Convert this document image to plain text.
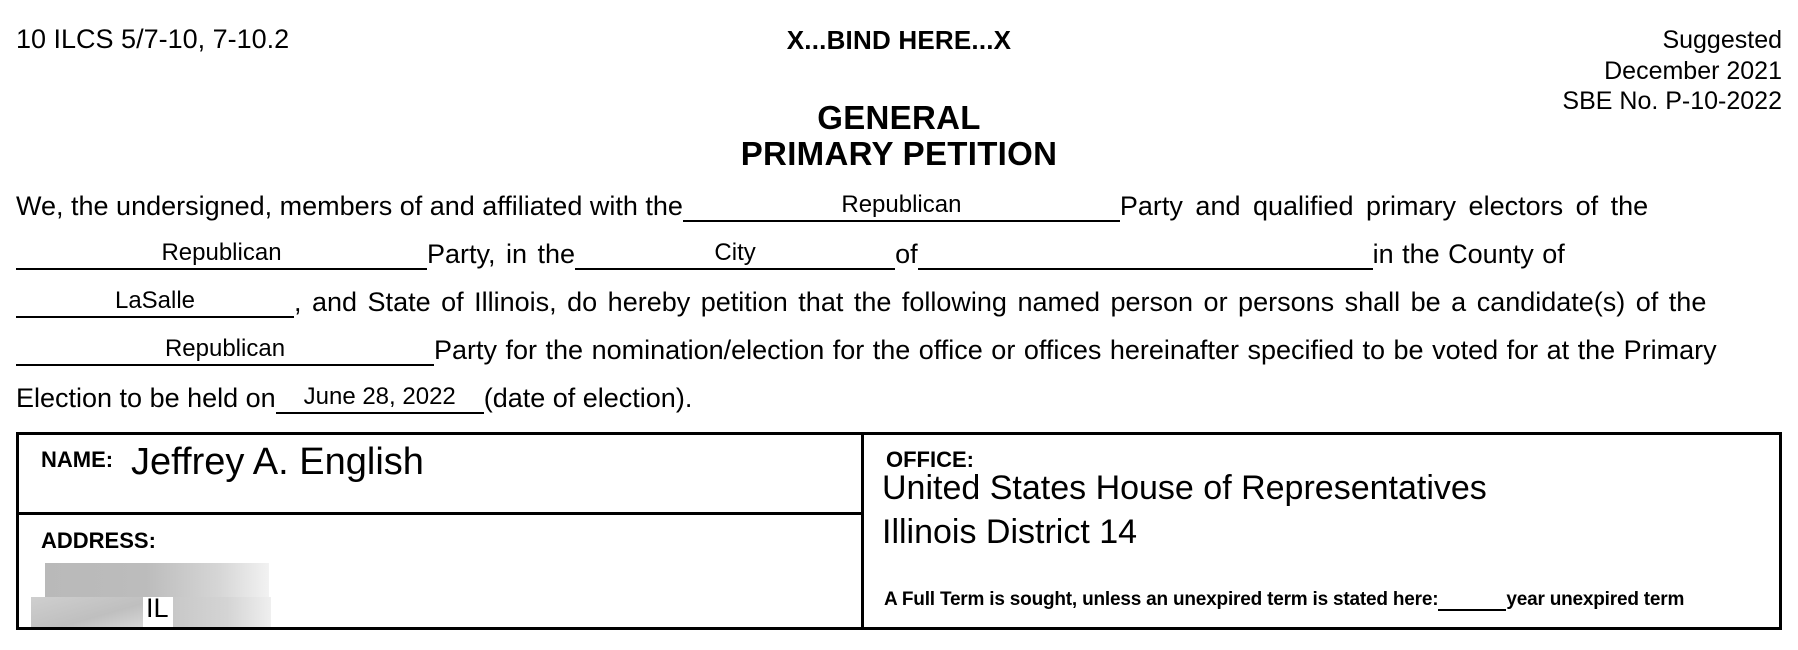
10 ILCS 5/7-10, 7-10.2	X...BIND HERE...X	Suggested
December 2021
SBE No. P-10-2022
GENERAL
PRIMARY PETITION
We, the undersigned, members of and affiliated with the	Republican	Party and qualified primary electors of the
Republican	Party, in the	City	of	in the County of
LaSalle	, and State of Illinois, do hereby petition that the following named person or persons shall be a candidate(s) of the
Republican	Party for the nomination/election for the office or offices hereinafter specified to be voted for at the Primary
Election to be held on	June 28, 2022	(date of election).
NAME: Jeffrey A. English
ADDRESS:
IL
OFFICE:
United States House of Representatives
Illinois District 14
A Full Term is sought, unless an unexpired term is stated here:	year unexpired term
